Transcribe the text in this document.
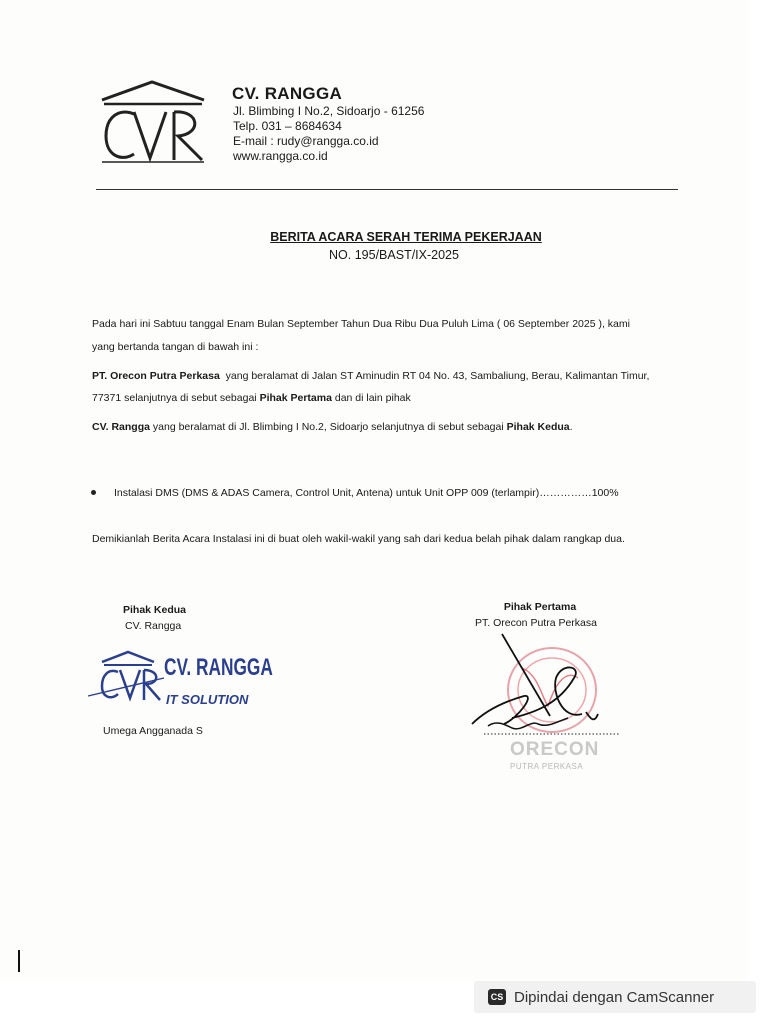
CV. RANGGA
Jl. Blimbing I No.2, Sidoarjo - 61256
Telp. 031 – 8684634
E-mail : rudy@rangga.co.id
www.rangga.co.id
BERITA ACARA SERAH TERIMA PEKERJAAN
NO. 195/BAST/IX-2025
Pada hari ini Sabtuu tanggal Enam Bulan September Tahun Dua Ribu Dua Puluh Lima ( 06 September 2025 ), kami
yang bertanda tangan di bawah ini :
PT. Orecon Putra Perkasa yang beralamat di Jalan ST Aminudin RT 04 No. 43, Sambaliung, Berau, Kalimantan Timur,
77371 selanjutnya di sebut sebagai Pihak Pertama dan di lain pihak
CV. Rangga yang beralamat di Jl. Blimbing I No.2, Sidoarjo selanjutnya di sebut sebagai Pihak Kedua.
Instalasi DMS (DMS & ADAS Camera, Control Unit, Antena) untuk Unit OPP 009 (terlampir)……………100%
Demikianlah Berita Acara Instalasi ini di buat oleh wakil-wakil yang sah dari kedua belah pihak dalam rangkap dua.
Pihak Kedua
CV. Rangga
CV. RANGGA
IT SOLUTION
Umega Angganada S
Pihak Pertama
PT. Orecon Putra Perkasa
ORECON
PUTRA PERKASA
CS Dipindai dengan CamScanner
